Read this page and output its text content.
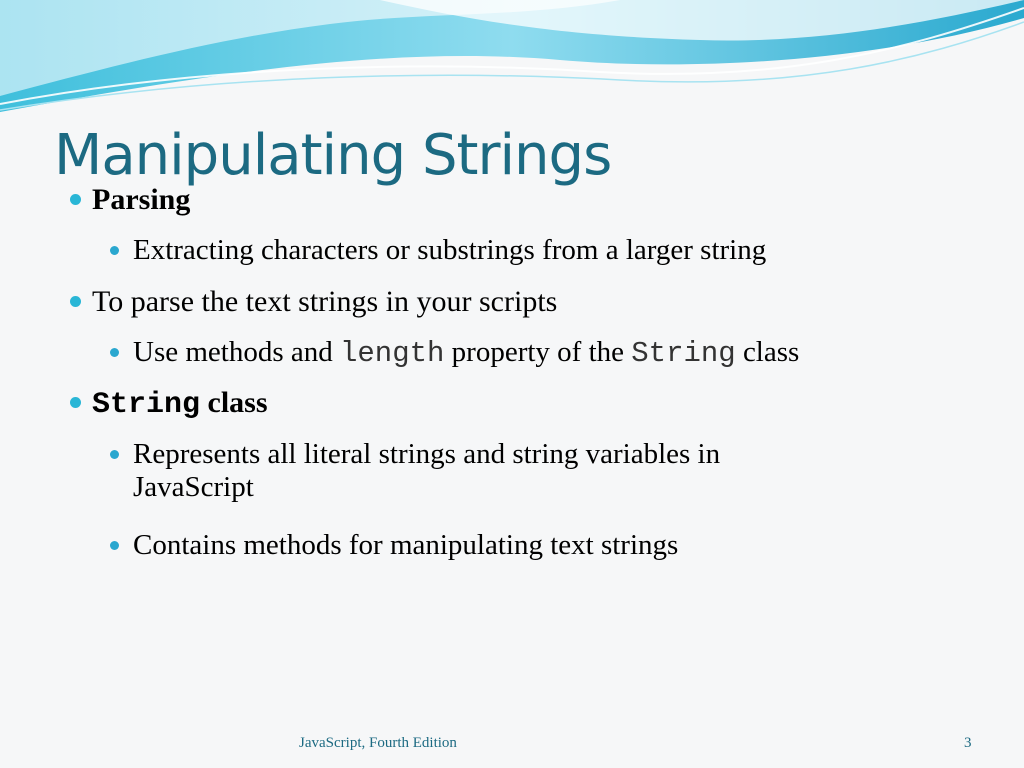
Parsing
Extracting characters or substrings from a larger string
To parse the text strings in your scripts
Use methods and length property of the String class
String class
Represents all literal strings and string variables in
JavaScript
Contains methods for manipulating text strings
Manipulating Strings
JavaScript, Fourth Edition	3
